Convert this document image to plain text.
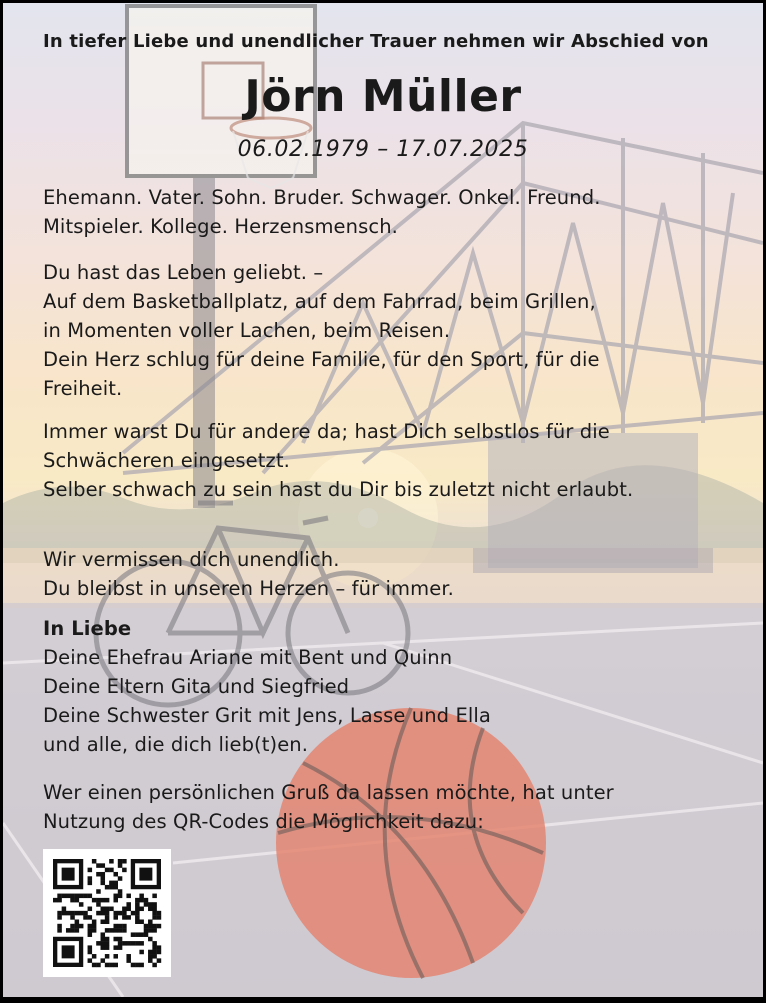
In tiefer Liebe und unendlicher Trauer nehmen wir Abschied von
Jörn Müller
06.02.1979 – 17.07.2025
Ehemann. Vater. Sohn. Bruder. Schwager. Onkel. Freund.
Mitspieler. Kollege. Herzensmensch.
Du hast das Leben geliebt. –
Auf dem Basketballplatz, auf dem Fahrrad, beim Grillen,
in Momenten voller Lachen, beim Reisen.
Dein Herz schlug für deine Familie, für den Sport, für die
Freiheit.
Immer warst Du für andere da; hast Dich selbstlos für die
Schwächeren eingesetzt.
Selber schwach zu sein hast du Dir bis zuletzt nicht erlaubt.
Wir vermissen dich unendlich.
Du bleibst in unseren Herzen – für immer.
In Liebe
Deine Ehefrau Ariane mit Bent und Quinn
Deine Eltern Gita und Siegfried
Deine Schwester Grit mit Jens, Lasse und Ella
und alle, die dich lieb(t)en.
Wer einen persönlichen Gruß da lassen möchte, hat unter
Nutzung des QR-Codes die Möglichkeit dazu:
